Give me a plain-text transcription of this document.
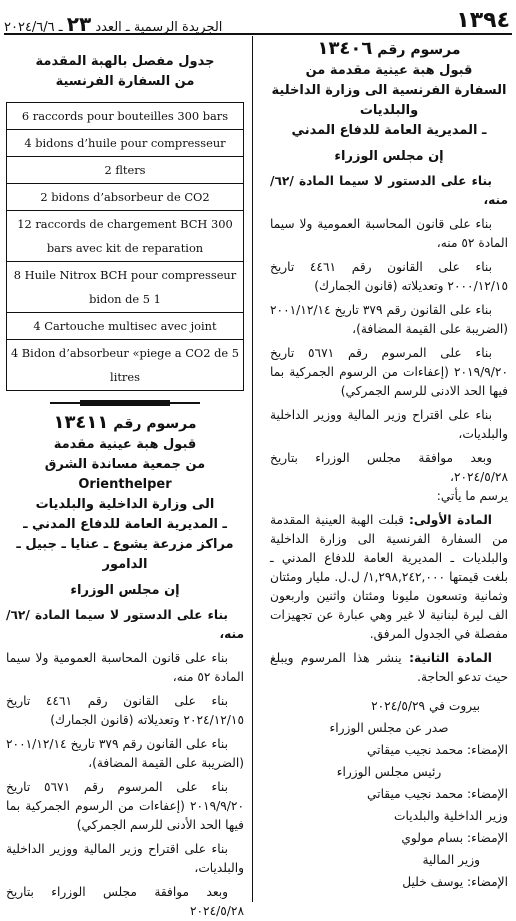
١٣٩٤
الجريدة الرسمية ـ العدد ٢٣ ـ ٢٠٢٤/٦/٦
مرسوم رقم ١٣٤٠٦
قبول هبة عينية مقدمة من
السفارة الفرنسية الى وزارة الداخلية والبلديات
ـ المديرية العامة للدفاع المدني
إن مجلس الوزراء

بناء على الدستور لا سيما المادة /٦٢/ منه،

بناء على قانون المحاسبة العمومية ولا سيما المادة ٥٢ منه،

بناء على القانون رقم ٤٤٦١ تاريخ ٢٠٠٠/١٢/١٥ وتعديلاته (قانون الجمارك)

بناء على القانون رقم ٣٧٩ تاريخ ٢٠٠١/١٢/١٤ (الضريبة على القيمة المضافة)،

بناء على المرسوم رقم ٥٦٧١ تاريخ ٢٠١٩/٩/٢٠ (إعفاءات من الرسوم الجمركية بما فيها الحد الادنى للرسم الجمركي)

بناء على اقتراح وزير المالية ووزير الداخلية والبلديات،

وبعد موافقة مجلس الوزراء بتاريخ ٢٠٢٤/٥/٢٨،

يرسم ما يأتي:

المادة الأولى: قبلت الهبة العينية المقدمة من السفارة الفرنسية الى وزارة الداخلية والبلديات ـ المديرية العامة للدفاع المدني ـ بلغت قيمتها ١,٢٩٨,٢٤٢,٠٠٠/ ل.ل. مليار ومئتان وثمانية وتسعون مليونا ومئتان واثنين واربعون الف ليرة لبنانية لا غير وهي عبارة عن تجهيزات مفصلة في الجدول المرفق.

المادة الثانية: ينشر هذا المرسوم ويبلغ حيث تدعو الحاجة.

بيروت في ٢٠٢٤/٥/٢٩

صدر عن مجلس الوزراء

الإمضاء: محمد نجيب ميقاتي

رئيس مجلس الوزراء

الإمضاء: محمد نجيب ميقاتي

وزير الداخلية والبلديات

الإمضاء: بسام مولوي

وزير المالية

الإمضاء: يوسف خليل

جدول مفصل بالهبة المقدمة
من السفارة الفرنسية
6 raccords pour bouteilles 300 bars
4 bidons d’huile pour compresseur
2 flters
2 bidons d’absorbeur de CO2
12 raccords de chargement BCH 300 bars avec kit de reparation
8 Huile Nitrox BCH pour compresseur bidon de 5 1
4 Cartouche multisec avec joint
4 Bidon d’absorbeur «piege a CO2 de 5 litres
مرسوم رقم ١٣٤١١
قبول هبة عينية مقدمة
من جمعية مساندة الشرق Orienthelper
الى وزارة الداخلية والبلديات
ـ المديرية العامة للدفاع المدني ـ
مراكز مزرعة يشوع ـ عنايا ـ جبيل ـ الدامور
إن مجلس الوزراء

بناء على الدستور لا سيما المادة /٦٢/ منه،

بناء على قانون المحاسبة العمومية ولا سيما المادة ٥٢ منه،

بناء على القانون رقم ٤٤٦١ تاريخ ٢٠٢٤/١٢/١٥ وتعديلاته (قانون الجمارك)

بناء على القانون رقم ٣٧٩ تاريخ ٢٠٠١/١٢/١٤ (الضريبة على القيمة المضافة)،

بناء على المرسوم رقم ٥٦٧١ تاريخ ٢٠١٩/٩/٢٠ (إعفاءات من الرسوم الجمركية بما فيها الحد الأدنى للرسم الجمركي)

بناء على اقتراح وزير المالية ووزير الداخلية والبلديات،

وبعد موافقة مجلس الوزراء بتاريخ ٢٠٢٤/٥/٢٨
